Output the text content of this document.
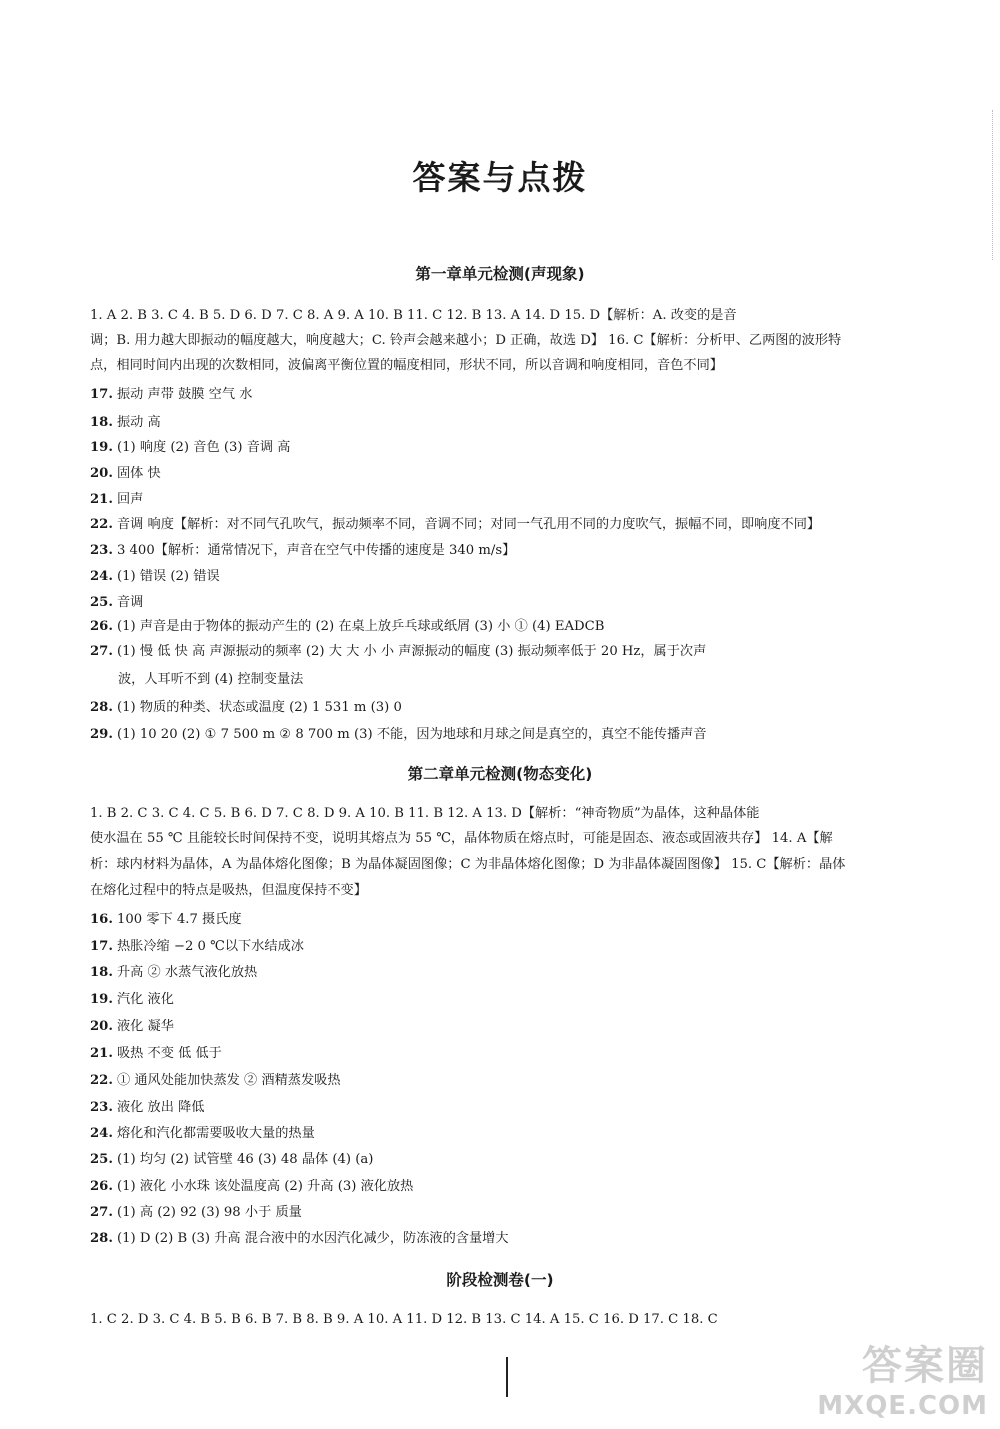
答案与点拨
第一章单元检测(声现象)
1. A 2. B 3. C 4. B 5. D 6. D 7. C 8. A 9. A 10. B 11. C 12. B 13. A 14. D 15. D【解析：A. 改变的是音
调；B. 用力越大即振动的幅度越大，响度越大；C. 铃声会越来越小；D 正确，故选 D】 16. C【解析：分析甲、乙两图的波形特
点，相同时间内出现的次数相同，波偏离平衡位置的幅度相同，形状不同，所以音调和响度相同，音色不同】
17. 振动 声带 鼓膜 空气 水
18. 振动 高
19. (1) 响度 (2) 音色 (3) 音调 高
20. 固体 快
21. 回声
22. 音调 响度【解析：对不同气孔吹气，振动频率不同，音调不同；对同一气孔用不同的力度吹气，振幅不同，即响度不同】
23. 3 400【解析：通常情况下，声音在空气中传播的速度是 340 m/s】
24. (1) 错误 (2) 错误
25. 音调
26. (1) 声音是由于物体的振动产生的 (2) 在桌上放乒乓球或纸屑 (3) 小 ① (4) EADCB
27. (1) 慢 低 快 高 声源振动的频率 (2) 大 大 小 小 声源振动的幅度 (3) 振动频率低于 20 Hz，属于次声
波，人耳听不到 (4) 控制变量法
28. (1) 物质的种类、状态或温度 (2) 1 531 m (3) 0
29. (1) 10 20 (2) ① 7 500 m ② 8 700 m (3) 不能，因为地球和月球之间是真空的，真空不能传播声音
第二章单元检测(物态变化)
1. B 2. C 3. C 4. C 5. B 6. D 7. C 8. D 9. A 10. B 11. B 12. A 13. D【解析：“神奇物质”为晶体，这种晶体能
使水温在 55 ℃ 且能较长时间保持不变，说明其熔点为 55 ℃，晶体物质在熔点时，可能是固态、液态或固液共存】 14. A【解
析：球内材料为晶体，A 为晶体熔化图像；B 为晶体凝固图像；C 为非晶体熔化图像；D 为非晶体凝固图像】 15. C【解析：晶体
在熔化过程中的特点是吸热，但温度保持不变】
16. 100 零下 4.7 摄氏度
17. 热胀冷缩 −2 0 ℃以下水结成冰
18. 升高 ② 水蒸气液化放热
19. 汽化 液化
20. 液化 凝华
21. 吸热 不变 低 低于
22. ① 通风处能加快蒸发 ② 酒精蒸发吸热
23. 液化 放出 降低
24. 熔化和汽化都需要吸收大量的热量
25. (1) 均匀 (2) 试管壁 46 (3) 48 晶体 (4) (a)
26. (1) 液化 小水珠 该处温度高 (2) 升高 (3) 液化放热
27. (1) 高 (2) 92 (3) 98 小于 质量
28. (1) D (2) B (3) 升高 混合液中的水因汽化减少，防冻液的含量增大
阶段检测卷(一)
1. C 2. D 3. C 4. B 5. B 6. B 7. B 8. B 9. A 10. A 11. D 12. B 13. C 14. A 15. C 16. D 17. C 18. C
答案圈
MXQE.COM
